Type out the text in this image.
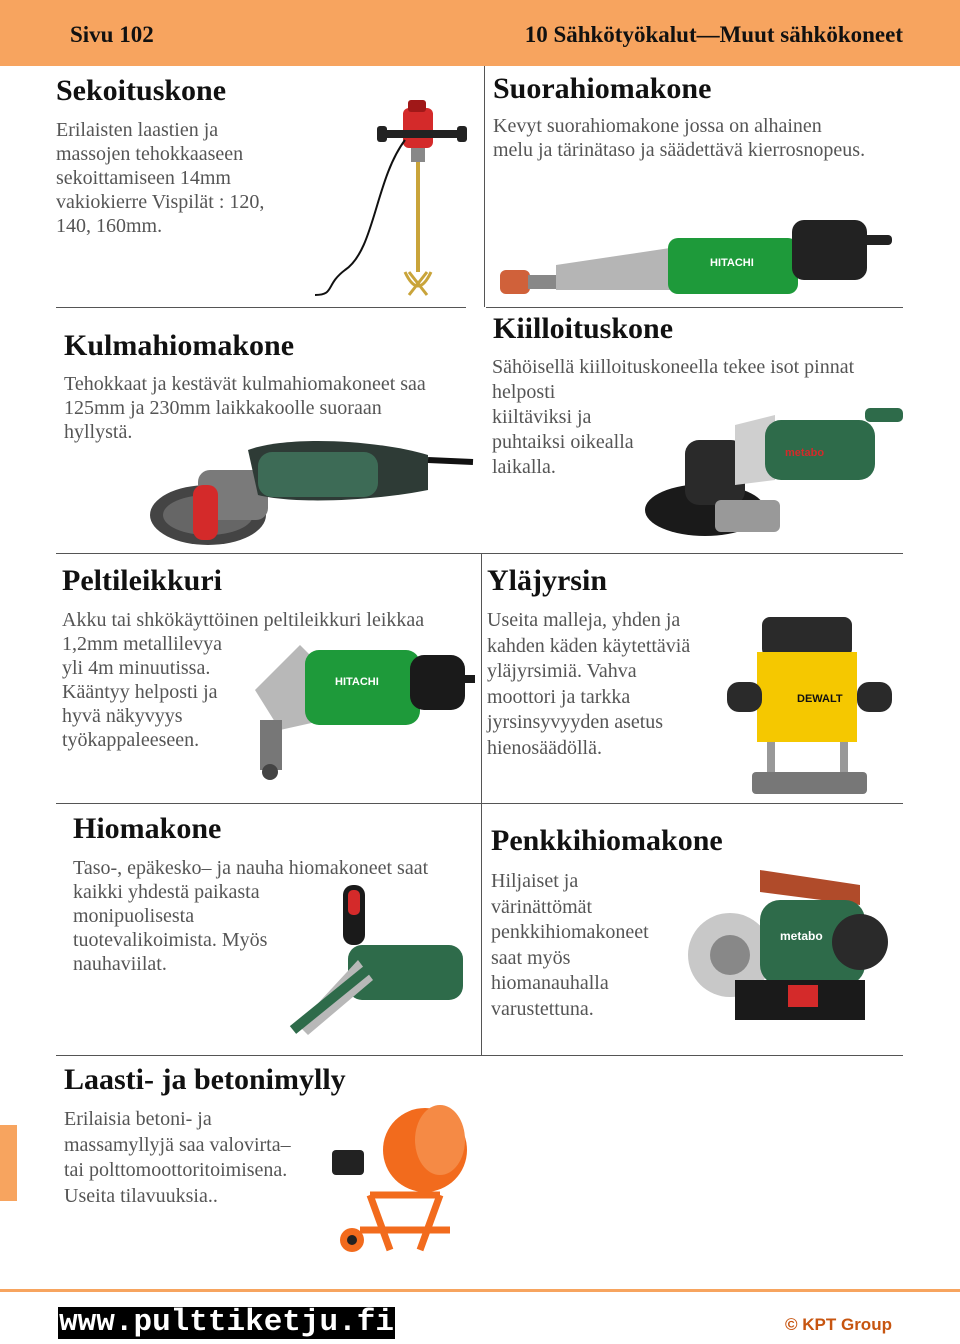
Sivu 102	10 Sähkötyökalut—Muut sähkökoneet
Sekoituskone
Erilaisten laastien ja
massojen tehokkaaseen
sekoittamiseen 14mm
vakiokierre Vispilät : 120,
140, 160mm.
Suorahiomakone
Kevyt suorahiomakone jossa on alhainen
melu ja tärinätaso ja säädettävä kierrosnopeus.
HITACHI
Kulmahiomakone
Tehokkaat ja kestävät kulmahiomakoneet saa
125mm ja 230mm laikkakoolle suoraan
hyllystä.
Kiilloituskone
Sähöisellä kiilloituskoneella tekee isot pinnat
helposti
kiiltäviksi ja
puhtaiksi oikealla
laikalla.
metabo
Peltileikkuri
Akku tai shkökäyttöinen peltileikkuri leikkaa
1,2mm metallilevya
yli 4m minuutissa.
Kääntyy helposti ja
hyvä näkyvyys
työkappaleeseen.
HITACHI
Yläjyrsin
Useita malleja, yhden ja
kahden käden käytettäviä
yläjyrsimiä. Vahva
moottori ja tarkka
jyrsinsyvyyden asetus
hienosäädöllä.
DEWALT
Hiomakone
Taso-, epäkesko– ja nauha hiomakoneet saat
kaikki yhdestä paikasta
monipuolisesta
tuotevalikoimista. Myös
nauhaviilat.
Penkkihiomakone
Hiljaiset ja
värinättömät
penkkihiomakoneet
saat myös
hiomanauhalla
varustettuna.
metabo
Laasti- ja betonimylly
Erilaisia betoni- ja
massamyllyjä saa valovirta–
tai polttomoottoritoimisena.
Useita tilavuuksia..
www.pulttiketju.fi	© KPT Group
